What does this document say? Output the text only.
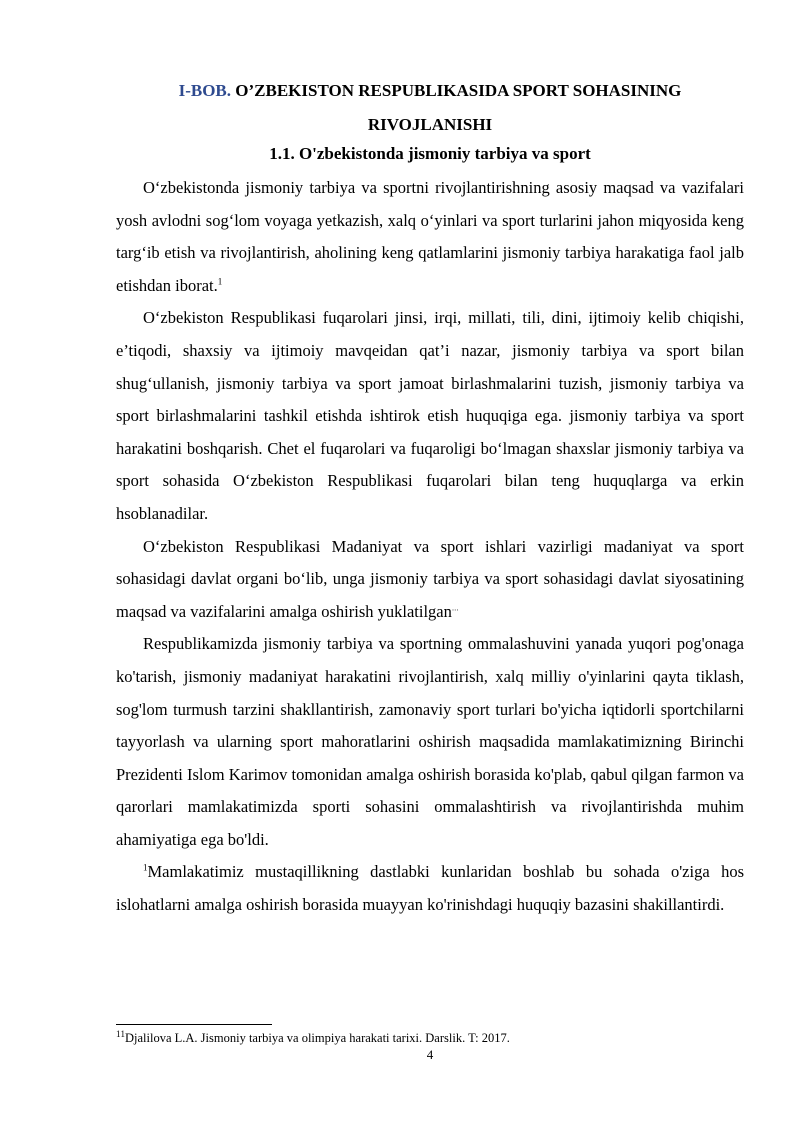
I-BOB. O’ZBEKISTON RESPUBLIKASIDA SPORT SOHASINING
RIVOJLANISHI
1.1. O'zbekistonda jismoniy tarbiya va sport

O‘zbekistonda jismoniy tarbiya va sportni rivojlantirishning asosiy maqsad va vazifalari yosh avlodni sog‘lom voyaga yetkazish, xalq o‘yinlari va sport turlarini jahon miqyosida keng targ‘ib etish va rivojlantirish, aholining keng qatlamlarini jismoniy tarbiya harakatiga faol jalb etishdan iborat.$^1$

O‘zbekiston Respublikasi fuqarolari jinsi, irqi, millati, tili, dini, ijtimoiy kelib chiqishi, e’tiqodi, shaxsiy va ijtimoiy mavqeidan qat’i nazar, jismoniy tarbiya va sport bilan shug‘ullanish, jismoniy tarbiya va sport jamoat birlashmalarini tuzish, jismoniy tarbiya va sport birlashmalarini tashkil etishda ishtirok etish huquqiga ega. jismoniy tarbiya va sport harakatini boshqarish. Chet el fuqarolari va fuqaroligi bo‘lmagan shaxslar jismoniy tarbiya va sport sohasida O‘zbekiston Respublikasi fuqarolari bilan teng huquqlarga va erkin hsoblanadilar.

O‘zbekiston Respublikasi Madaniyat va sport ishlari vazirligi madaniyat va sport sohasidagi davlat organi bo‘lib, unga jismoniy tarbiya va sport sohasidagi davlat siyosatining maqsad va vazifalarini amalga oshirish yuklatilgan...

Respublikamizda jismoniy tarbiya va sportning ommalashuvini yanada yuqori pog'onaga ko'tarish, jismoniy madaniyat harakatini rivojlantirish, xalq milliy o'yinlarini qayta tiklash, sog'lom turmush tarzini shakllantirish, zamonaviy sport turlari bo'yicha iqtidorli sportchilarni tayyorlash va ularning sport mahoratlarini oshirish maqsadida mamlakatimizning Birinchi Prezidenti Islom Karimov tomonidan amalga oshirish borasida ko'plab, qabul qilgan farmon va qarorlari mamlakatimizda sporti sohasini ommalashtirish va rivojlantirishda muhim ahamiyatiga ega bo'ldi.

$^1$Mamlakatimiz mustaqillikning dastlabki kunlaridan boshlab bu sohada o'ziga hos islohatlarni amalga oshirish borasida muayyan ko'rinishdagi huquqiy bazasini shakillantirdi.

$^{11}$Djalilova L.A. Jismoniy tarbiya va olimpiya harakati tarixi. Darslik. T: 2017.
4
